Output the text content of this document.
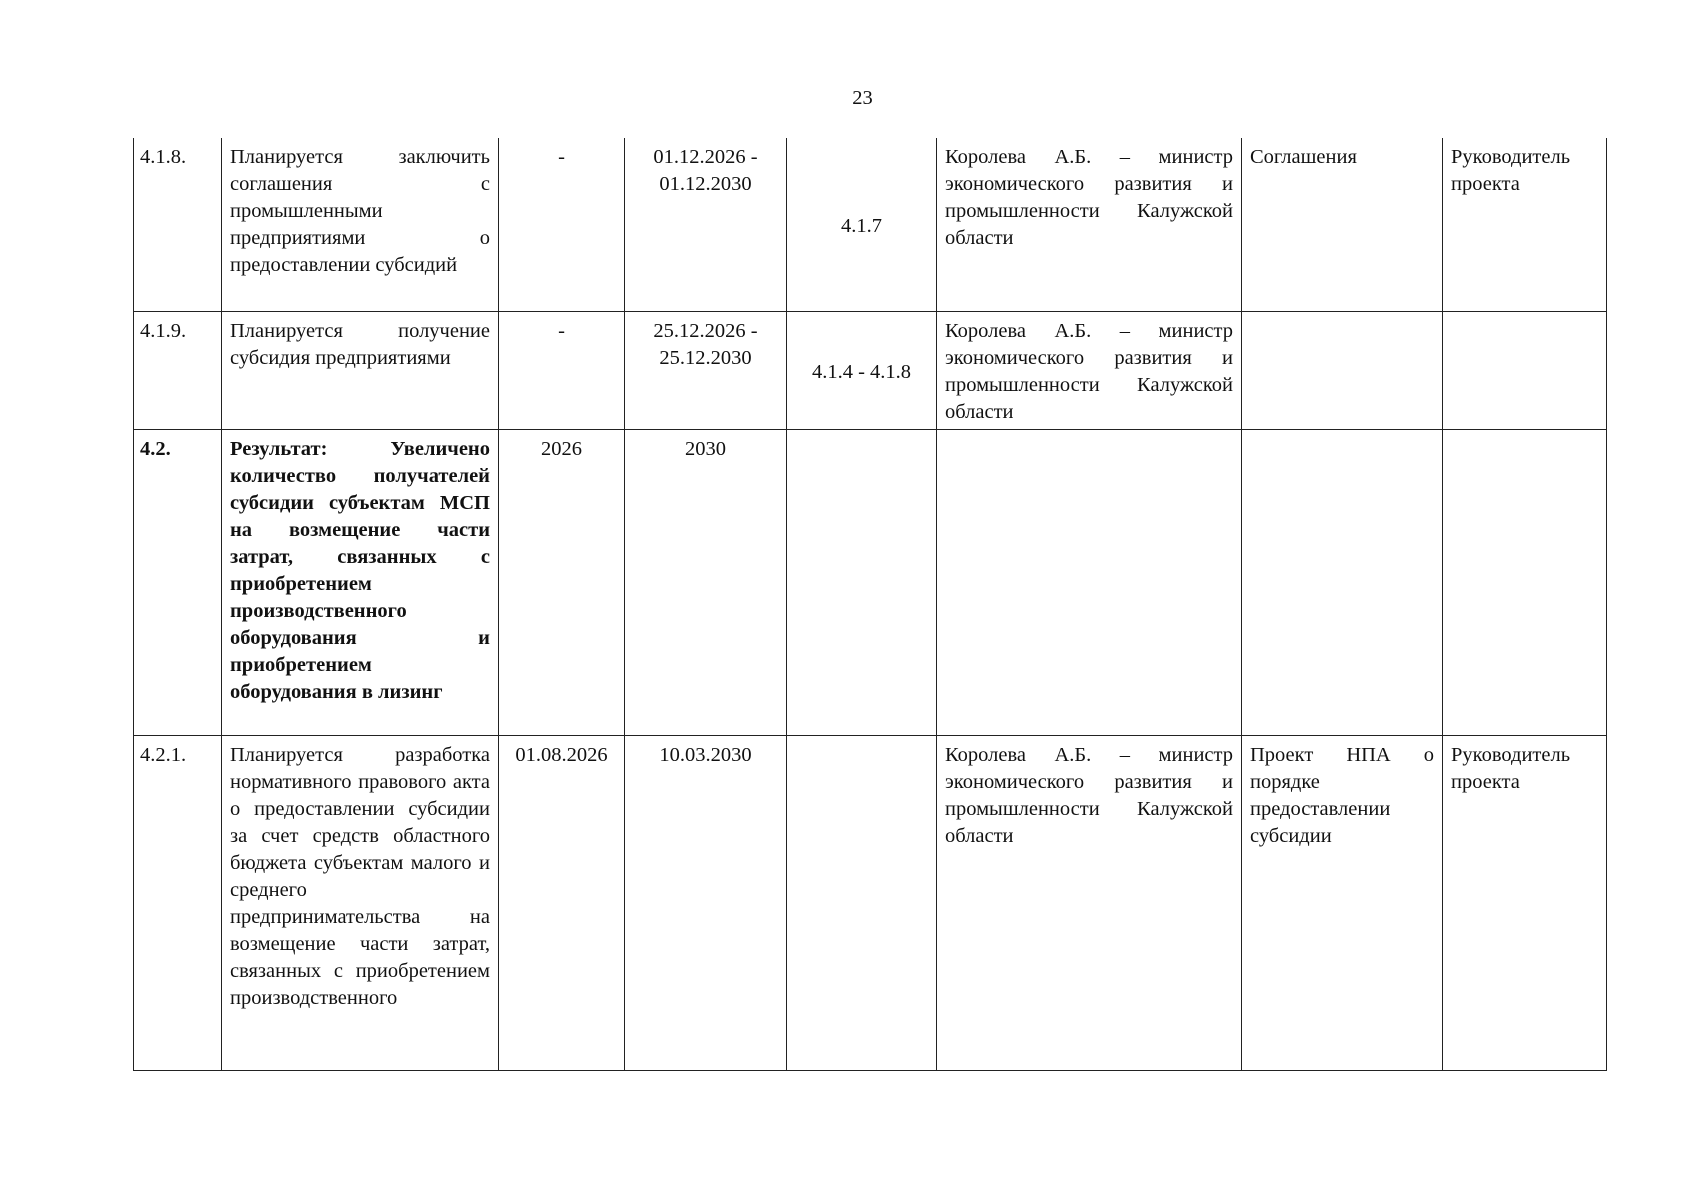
23
4.1.8.	Планируется заключить соглашения с промышленными предприятиями о предоставлении субсидий	-	01.12.2026 - 01.12.2030	4.1.7	Королева А.Б. – министр экономического развития и промышленности Калужской области	Соглашения	Руководитель проекта
4.1.9.	Планируется получение субсидия предприятиями	-	25.12.2026 - 25.12.2030	4.1.4 - 4.1.8	Королева А.Б. – министр экономического развития и промышленности Калужской области		
4.2.	Результат: Увеличено количество получателей субсидии субъектам МСП на возмещение части затрат, связанных с приобретением производственного оборудования и приобретением оборудования в лизинг	2026	2030				
4.2.1.	Планируется разработка нормативного правового акта о предоставлении субсидии за счет средств областного бюджета субъектам малого и среднего предпринимательства на возмещение части затрат, связанных с приобретением производственного	01.08.2026	10.03.2030		Королева А.Б. – министр экономического развития и промышленности Калужской области	Проект НПА о порядке предоставлении субсидии	Руководитель проекта
